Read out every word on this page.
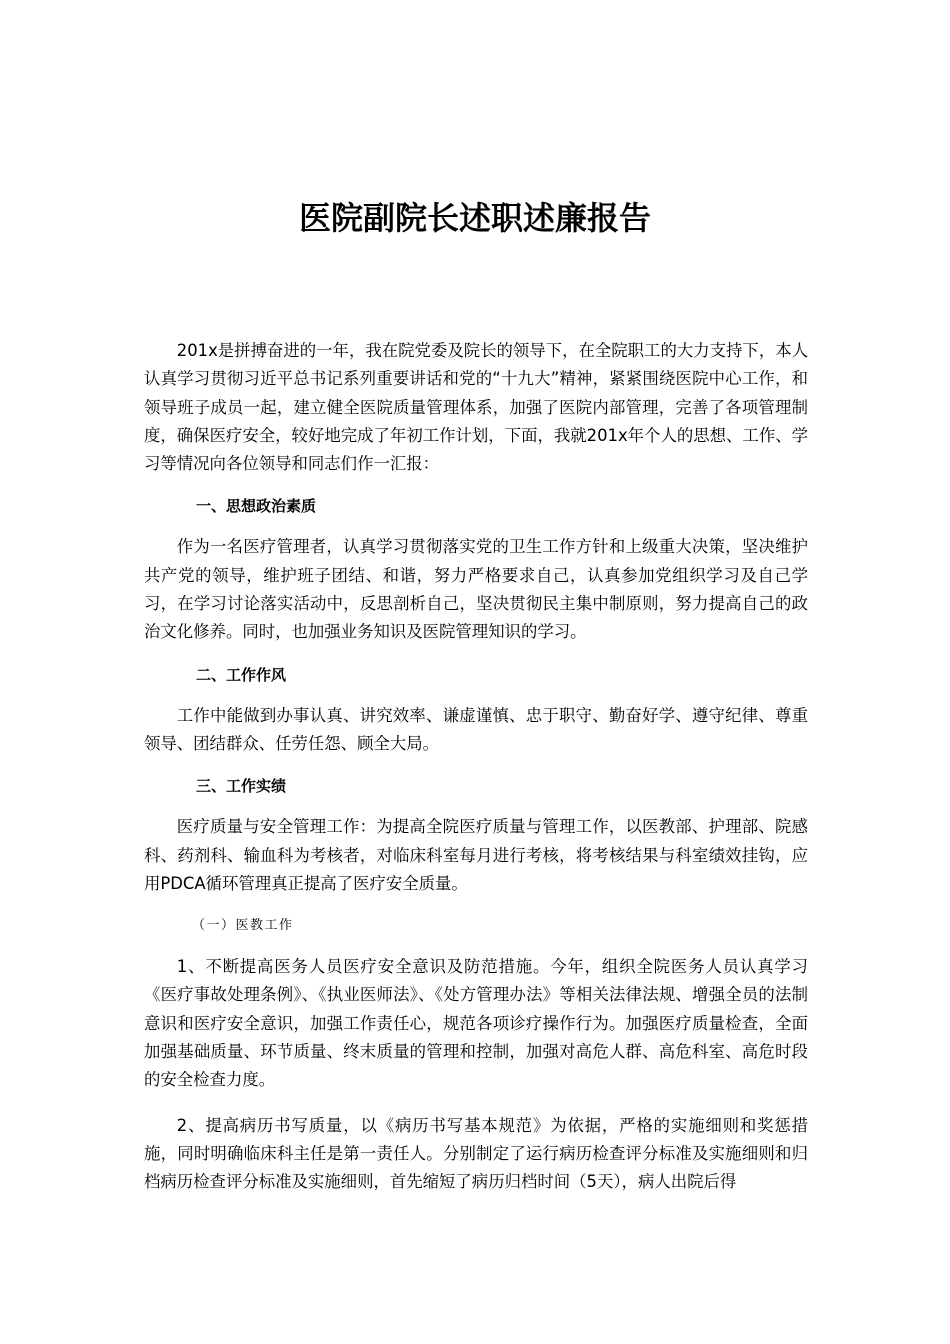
医院副院长述职述廉报告

201x是拼搏奋进的一年，我在院党委及院长的领导下，在全院职工的大力支持下，本人认真学习贯彻习近平总书记系列重要讲话和党的“十九大”精神，紧紧围绕医院中心工作，和领导班子成员一起，建立健全医院质量管理体系，加强了医院内部管理，完善了各项管理制度，确保医疗安全，较好地完成了年初工作计划，下面，我就201x年个人的思想、工作、学习等情况向各位领导和同志们作一汇报：

一、思想政治素质

作为一名医疗管理者，认真学习贯彻落实党的卫生工作方针和上级重大决策，坚决维护共产党的领导，维护班子团结、和谐，努力严格要求自己，认真参加党组织学习及自己学习，在学习讨论落实活动中，反思剖析自己，坚决贯彻民主集中制原则，努力提高自己的政治文化修养。同时，也加强业务知识及医院管理知识的学习。

二、工作作风

工作中能做到办事认真、讲究效率、谦虚谨慎、忠于职守、勤奋好学、遵守纪律、尊重领导、团结群众、任劳任怨、顾全大局。

三、工作实绩

医疗质量与安全管理工作：为提高全院医疗质量与管理工作，以医教部、护理部、院感科、药剂科、输血科为考核者，对临床科室每月进行考核，将考核结果与科室绩效挂钩，应用PDCA循环管理真正提高了医疗安全质量。

（一）医教工作

1、不断提高医务人员医疗安全意识及防范措施。今年，组织全院医务人员认真学习《医疗事故处理条例》、《执业医师法》、《处方管理办法》等相关法律法规、增强全员的法制意识和医疗安全意识，加强工作责任心，规范各项诊疗操作行为。加强医疗质量检查，全面加强基础质量、环节质量、终末质量的管理和控制，加强对高危人群、高危科室、高危时段的安全检查力度。

2、提高病历书写质量，以《病历书写基本规范》为依据，严格的实施细则和奖惩措施，同时明确临床科主任是第一责任人。分别制定了运行病历检查评分标准及实施细则和归档病历检查评分标准及实施细则，首先缩短了病历归档时间（5天），病人出院后得
